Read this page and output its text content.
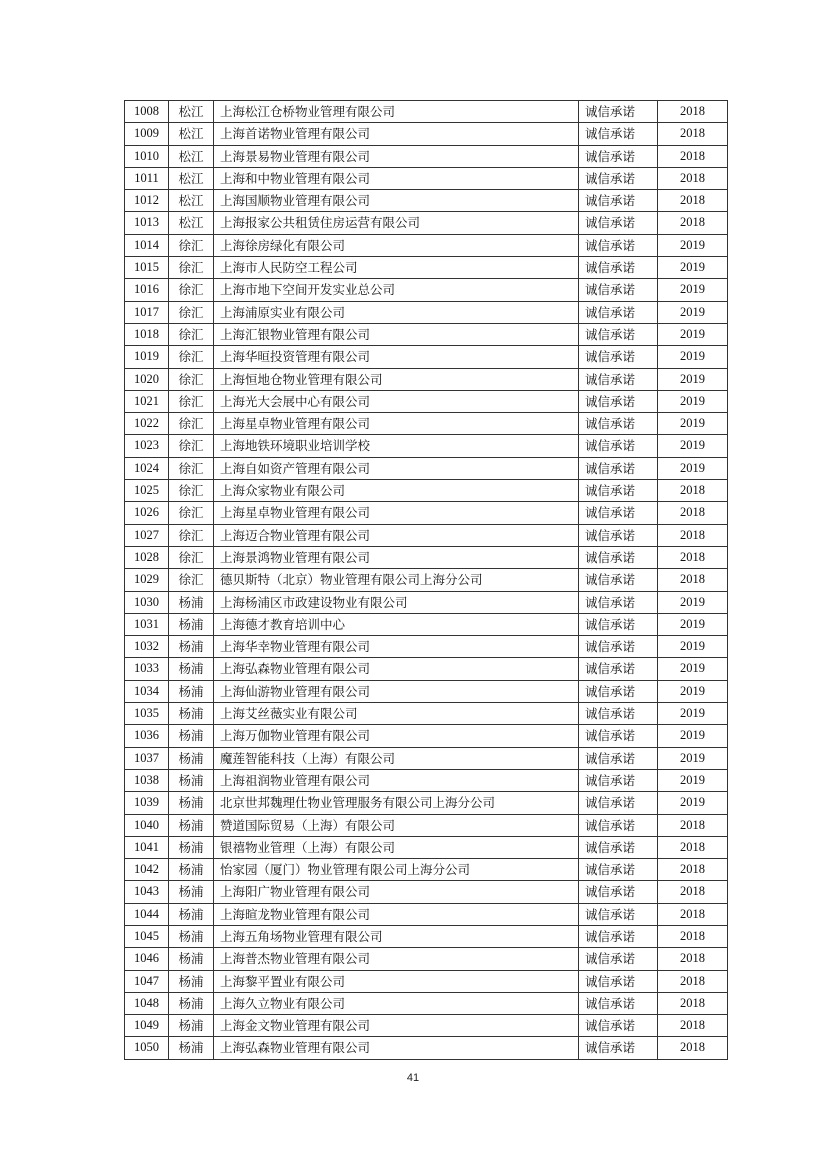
1008	松江	上海松江仓桥物业管理有限公司	诚信承诺	2018
1009	松江	上海首诺物业管理有限公司	诚信承诺	2018
1010	松江	上海景易物业管理有限公司	诚信承诺	2018
1011	松江	上海和中物业管理有限公司	诚信承诺	2018
1012	松江	上海国顺物业管理有限公司	诚信承诺	2018
1013	松江	上海报家公共租赁住房运营有限公司	诚信承诺	2018
1014	徐汇	上海徐房绿化有限公司	诚信承诺	2019
1015	徐汇	上海市人民防空工程公司	诚信承诺	2019
1016	徐汇	上海市地下空间开发实业总公司	诚信承诺	2019
1017	徐汇	上海浦原实业有限公司	诚信承诺	2019
1018	徐汇	上海汇银物业管理有限公司	诚信承诺	2019
1019	徐汇	上海华晅投资管理有限公司	诚信承诺	2019
1020	徐汇	上海恒地仓物业管理有限公司	诚信承诺	2019
1021	徐汇	上海光大会展中心有限公司	诚信承诺	2019
1022	徐汇	上海星卓物业管理有限公司	诚信承诺	2019
1023	徐汇	上海地铁环境职业培训学校	诚信承诺	2019
1024	徐汇	上海自如资产管理有限公司	诚信承诺	2019
1025	徐汇	上海众家物业有限公司	诚信承诺	2018
1026	徐汇	上海星卓物业管理有限公司	诚信承诺	2018
1027	徐汇	上海迈合物业管理有限公司	诚信承诺	2018
1028	徐汇	上海景鸿物业管理有限公司	诚信承诺	2018
1029	徐汇	德贝斯特（北京）物业管理有限公司上海分公司	诚信承诺	2018
1030	杨浦	上海杨浦区市政建设物业有限公司	诚信承诺	2019
1031	杨浦	上海德才教育培训中心	诚信承诺	2019
1032	杨浦	上海华幸物业管理有限公司	诚信承诺	2019
1033	杨浦	上海弘森物业管理有限公司	诚信承诺	2019
1034	杨浦	上海仙游物业管理有限公司	诚信承诺	2019
1035	杨浦	上海艾丝薇实业有限公司	诚信承诺	2019
1036	杨浦	上海万伽物业管理有限公司	诚信承诺	2019
1037	杨浦	魔莲智能科技（上海）有限公司	诚信承诺	2019
1038	杨浦	上海祖润物业管理有限公司	诚信承诺	2019
1039	杨浦	北京世邦魏理仕物业管理服务有限公司上海分公司	诚信承诺	2019
1040	杨浦	赞道国际贸易（上海）有限公司	诚信承诺	2018
1041	杨浦	银禧物业管理（上海）有限公司	诚信承诺	2018
1042	杨浦	怡家园（厦门）物业管理有限公司上海分公司	诚信承诺	2018
1043	杨浦	上海阳广物业管理有限公司	诚信承诺	2018
1044	杨浦	上海暄龙物业管理有限公司	诚信承诺	2018
1045	杨浦	上海五角场物业管理有限公司	诚信承诺	2018
1046	杨浦	上海普杰物业管理有限公司	诚信承诺	2018
1047	杨浦	上海黎平置业有限公司	诚信承诺	2018
1048	杨浦	上海久立物业有限公司	诚信承诺	2018
1049	杨浦	上海金文物业管理有限公司	诚信承诺	2018
1050	杨浦	上海弘森物业管理有限公司	诚信承诺	2018
41
